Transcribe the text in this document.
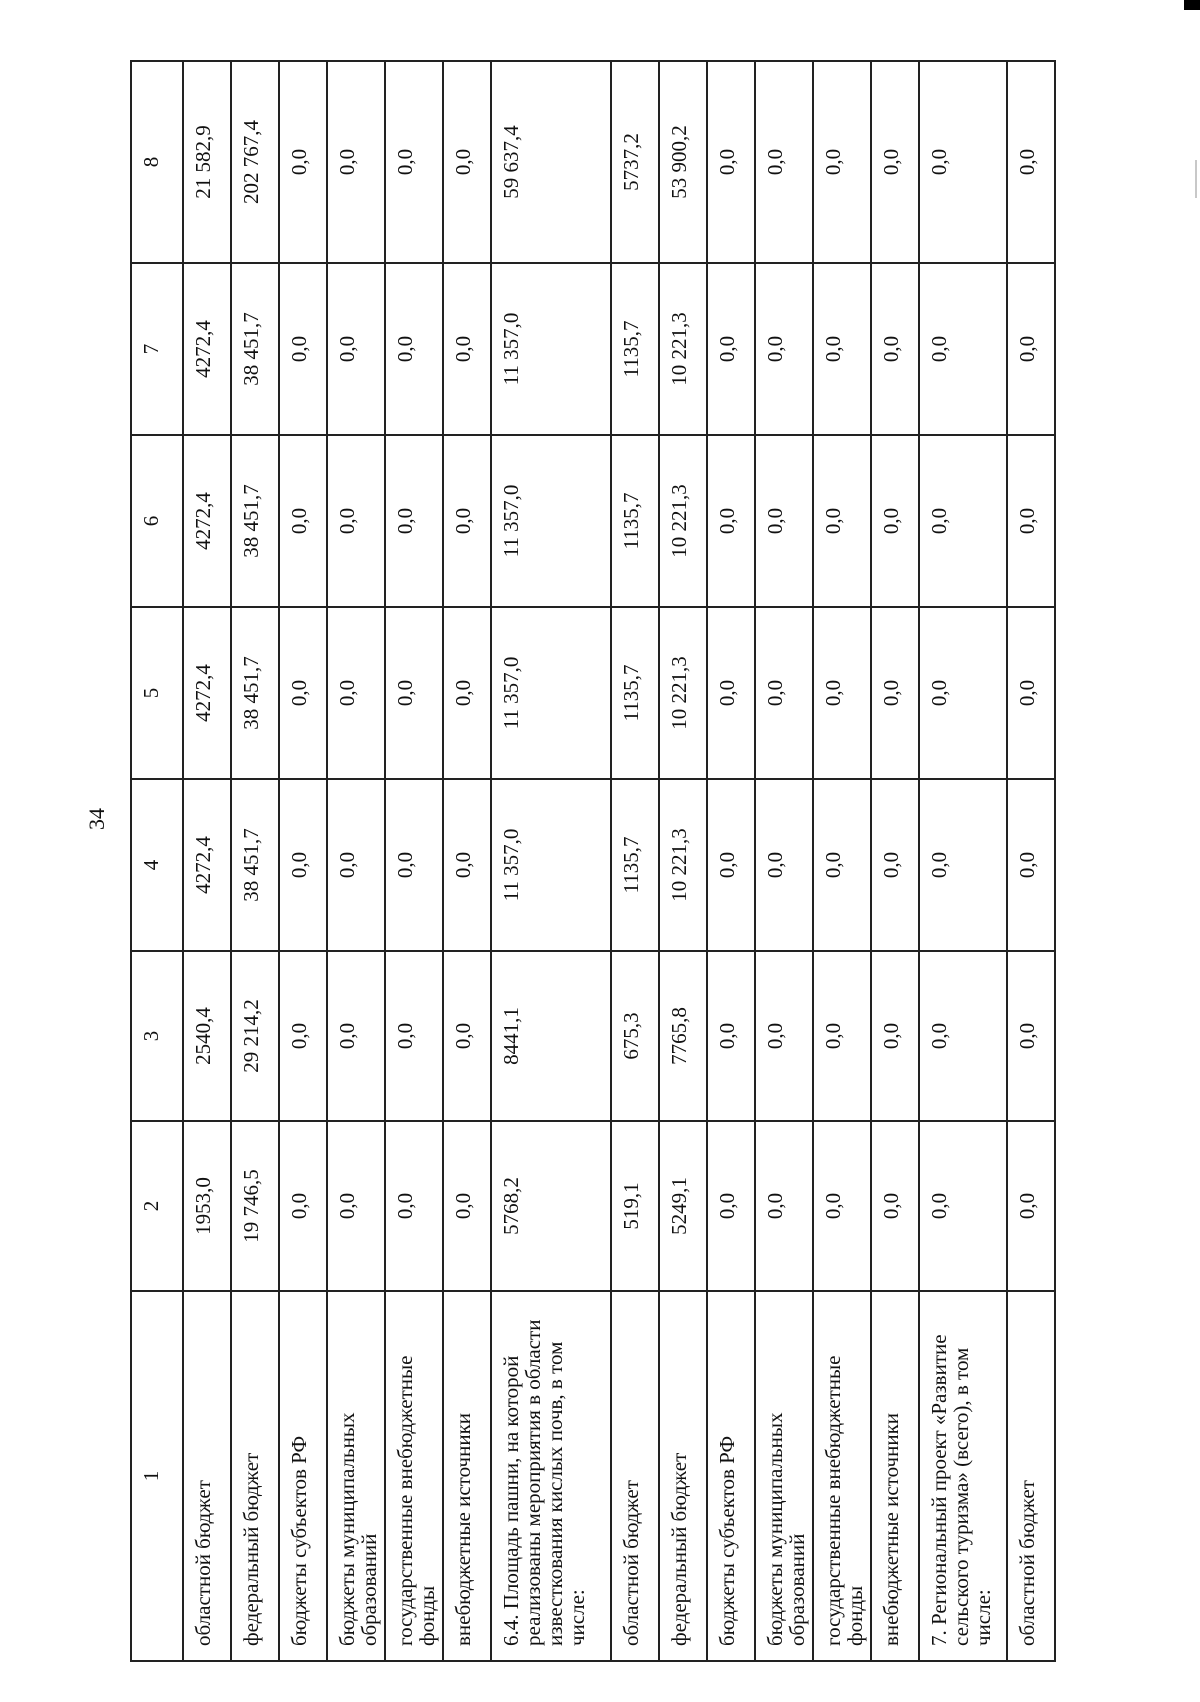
34
1	2	3	4	5	6	7	8
областной бюджет	1953,0	2540,4	4272,4	4272,4	4272,4	4272,4	21 582,9
федеральный бюджет	19 746,5	29 214,2	38 451,7	38 451,7	38 451,7	38 451,7	202 767,4
бюджеты субъектов РФ	0,0	0,0	0,0	0,0	0,0	0,0	0,0
бюджеты муниципальных образований	0,0	0,0	0,0	0,0	0,0	0,0	0,0
государственные внебюджетные фонды	0,0	0,0	0,0	0,0	0,0	0,0	0,0
внебюджетные источники	0,0	0,0	0,0	0,0	0,0	0,0	0,0
6.4. Площадь пашни, на которой реализованы мероприятия в области известкования кислых почв, в том числе:	5768,2	8441,1	11 357,0	11 357,0	11 357,0	11 357,0	59 637,4
областной бюджет	519,1	675,3	1135,7	1135,7	1135,7	1135,7	5737,2
федеральный бюджет	5249,1	7765,8	10 221,3	10 221,3	10 221,3	10 221,3	53 900,2
бюджеты субъектов РФ	0,0	0,0	0,0	0,0	0,0	0,0	0,0
бюджеты муниципальных образований	0,0	0,0	0,0	0,0	0,0	0,0	0,0
государственные внебюджетные фонды	0,0	0,0	0,0	0,0	0,0	0,0	0,0
внебюджетные источники	0,0	0,0	0,0	0,0	0,0	0,0	0,0
7. Региональный проект «Развитие сельского туризма» (всего), в том числе:	0,0	0,0	0,0	0,0	0,0	0,0	0,0
областной бюджет	0,0	0,0	0,0	0,0	0,0	0,0	0,0
